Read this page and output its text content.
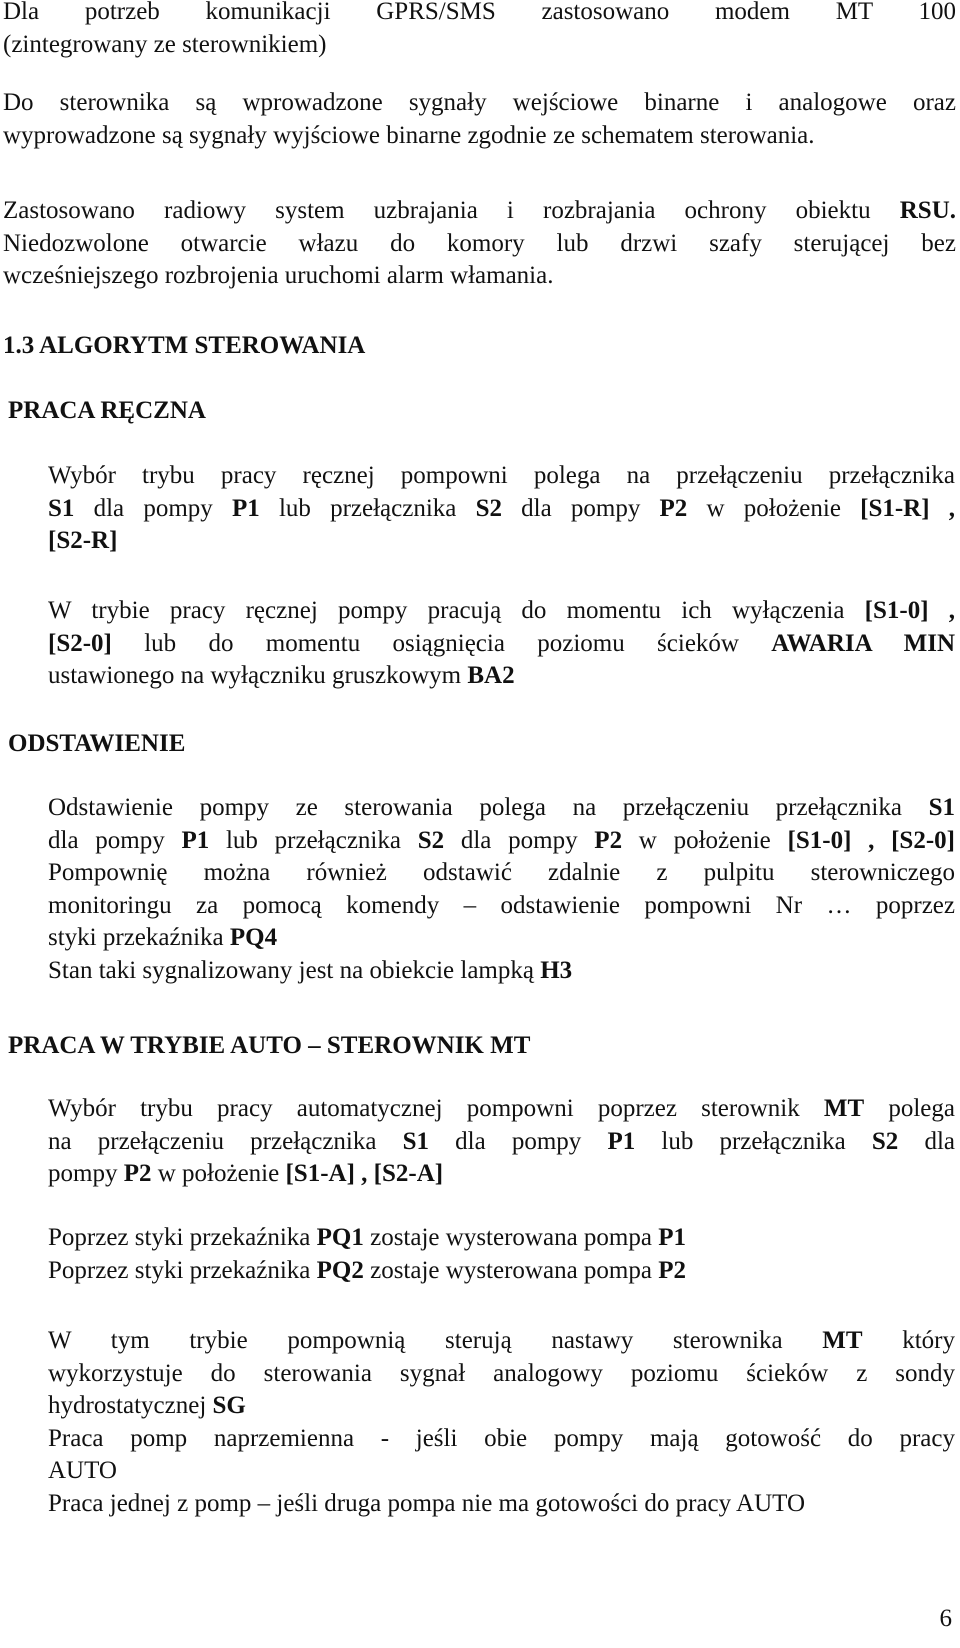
Dla potrzeb komunikacji GPRS/SMS zastosowano modem MT 100

(zintegrowany ze sterownikiem)

Do sterownika są wprowadzone sygnały wejściowe binarne i analogowe oraz

wyprowadzone są sygnały wyjściowe binarne zgodnie ze schematem sterowania.

Zastosowano radiowy system uzbrajania i rozbrajania ochrony obiektu RSU.

Niedozwolone otwarcie włazu do komory lub drzwi szafy sterującej bez

wcześniejszego rozbrojenia uruchomi alarm włamania.

1.3 ALGORYTM STEROWANIA
PRACA RĘCZNA

Wybór trybu pracy ręcznej pompowni polega na przełączeniu przełącznika

S1 dla pompy P1 lub przełącznika S2 dla pompy P2 w położenie [S1-R] ,

[S2-R]

W trybie pracy ręcznej pompy pracują do momentu ich wyłączenia [S1-0] ,

[S2-0] lub do momentu osiągnięcia poziomu ścieków AWARIA MIN

ustawionego na wyłączniku gruszkowym BA2

ODSTAWIENIE

Odstawienie pompy ze sterowania polega na przełączeniu przełącznika S1

dla pompy P1 lub przełącznika S2 dla pompy P2 w położenie [S1-0] , [S2-0]

Pompownię można również odstawić zdalnie z pulpitu sterowniczego

monitoringu za pomocą komendy – odstawienie pompowni Nr … poprzez

styki przekaźnika PQ4

Stan taki sygnalizowany jest na obiekcie lampką H3

PRACA W TRYBIE AUTO – STEROWNIK MT

Wybór trybu pracy automatycznej pompowni poprzez sterownik MT polega

na przełączeniu przełącznika S1 dla pompy P1 lub przełącznika S2 dla

pompy P2 w położenie [S1-A] , [S2-A]

Poprzez styki przekaźnika PQ1 zostaje wysterowana pompa P1

Poprzez styki przekaźnika PQ2 zostaje wysterowana pompa P2

W tym trybie pompownią sterują nastawy sterownika MT który

wykorzystuje do sterowania sygnał analogowy poziomu ścieków z sondy

hydrostatycznej SG

Praca pomp naprzemienna - jeśli obie pompy mają gotowość do pracy

AUTO

Praca jednej z pomp – jeśli druga pompa nie ma gotowości do pracy AUTO

6
